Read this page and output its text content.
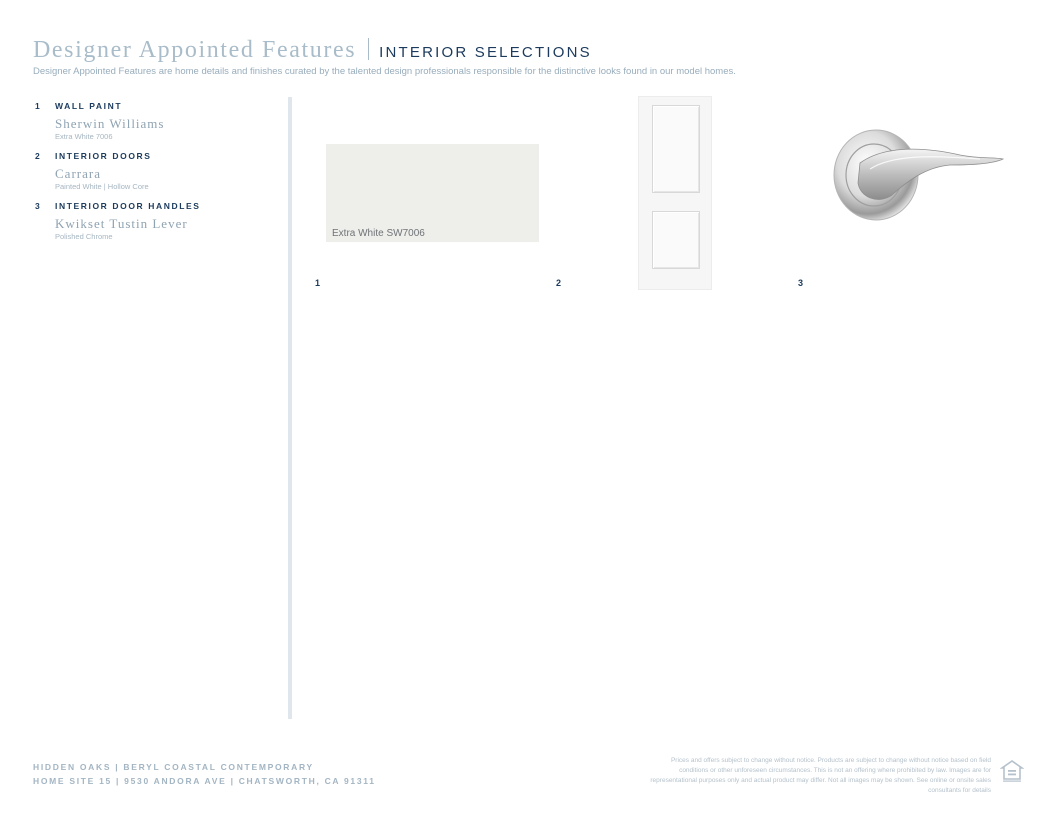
Designer Appointed Features INTERIOR SELECTIONS
Designer Appointed Features are home details and finishes curated by the talented design professionals responsible for the distinctive looks found in our model homes.
1	WALL PAINT
Sherwin Williams
Extra White 7006
2	INTERIOR DOORS
Carrara
Painted White | Hollow Core
3	INTERIOR DOOR HANDLES
Kwikset Tustin Lever
Polished Chrome	Extra White SW7006
1	2	3
HIDDEN OAKS | BERYL COASTAL CONTEMPORARY
HOME SITE 15 | 9530 ANDORA AVE | CHATSWORTH, CA 91311
Prices and offers subject to change without notice. Products are subject to change without notice based on field conditions or other unforeseen circumstances. This is not an offering where prohibited by law. Images are for representational purposes only and actual product may differ. Not all images may be shown. See online or onsite sales consultants for details
